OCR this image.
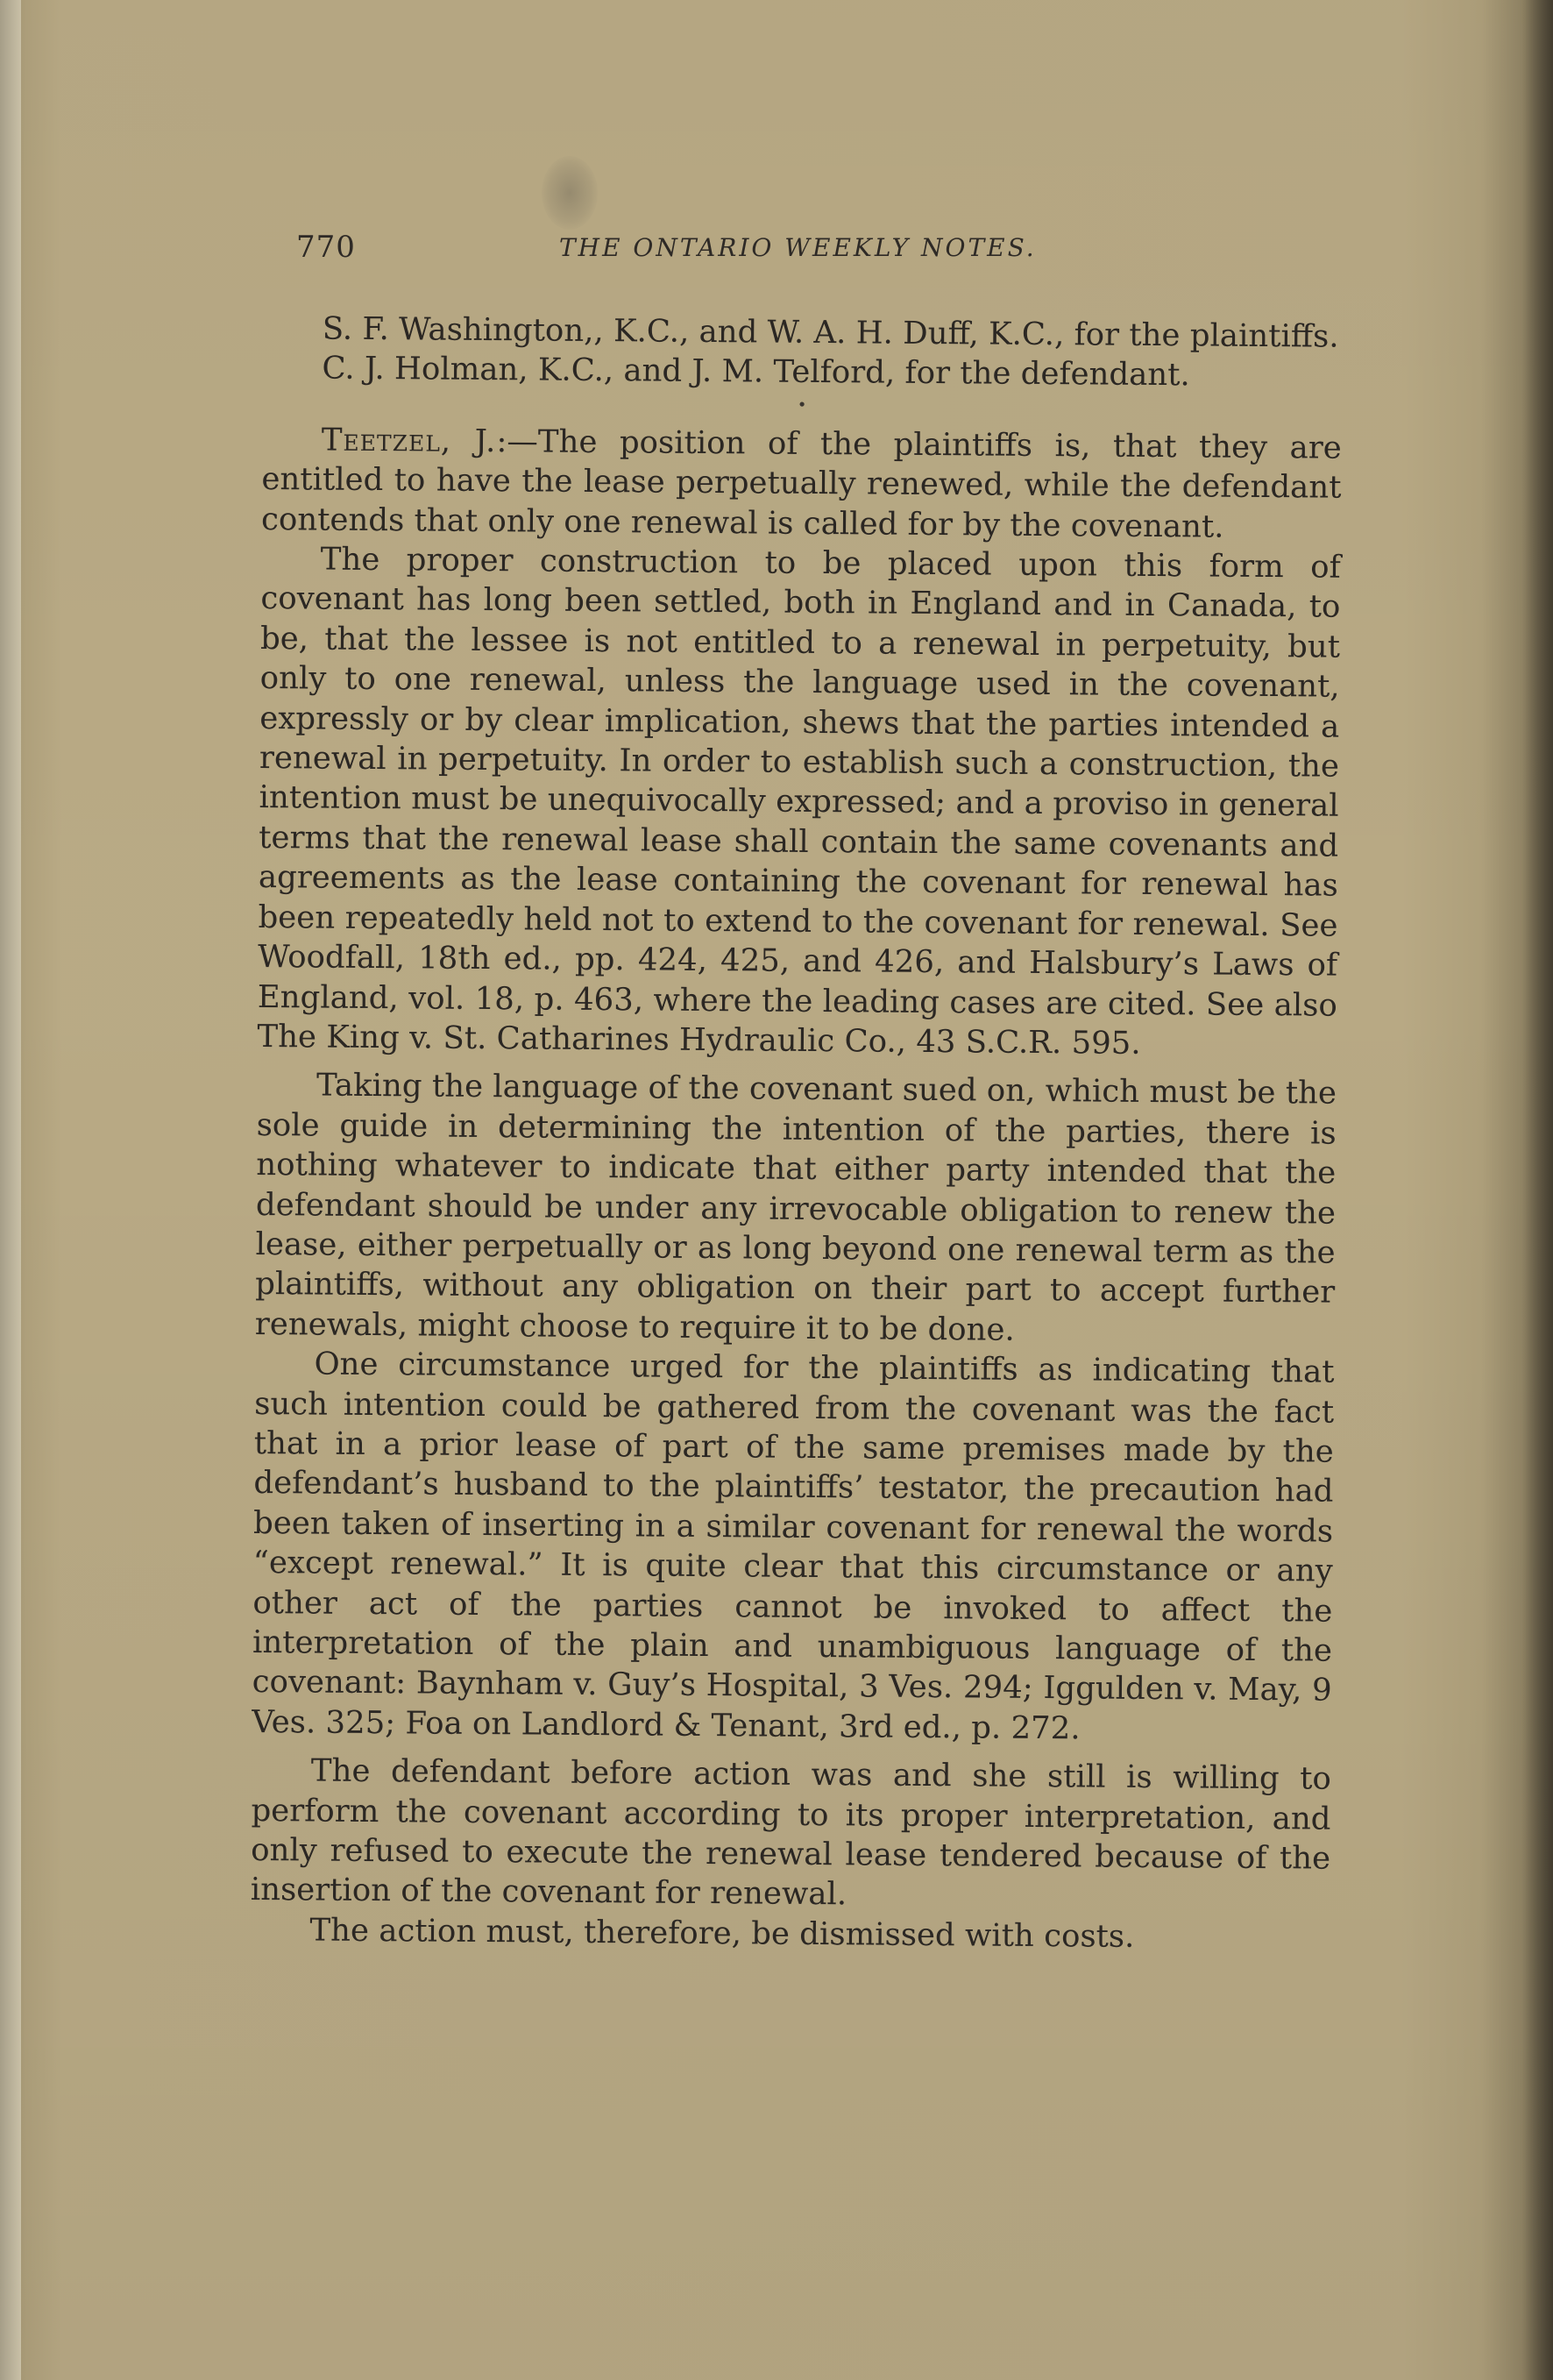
770	THE ONTARIO WEEKLY NOTES.

S. F. Washington,, K.C., and W. A. H. Duff, K.C., for the plaintiffs.

C. J. Holman, K.C., and J. M. Telford, for the defendant.

•

Teetzel, J.:—The position of the plaintiffs is, that they are entitled to have the lease perpetually renewed, while the defendant contends that only one renewal is called for by the covenant.

The proper construction to be placed upon this form of covenant has long been settled, both in England and in Canada, to be, that the lessee is not entitled to a renewal in perpetuity, but only to one renewal, unless the language used in the covenant, expressly or by clear implication, shews that the parties intended a renewal in perpetuity. In order to establish such a construction, the intention must be unequivocally expressed; and a proviso in general terms that the renewal lease shall contain the same covenants and agreements as the lease containing the covenant for renewal has been repeatedly held not to extend to the covenant for renewal. See Woodfall, 18th ed., pp. 424, 425, and 426, and Halsbury’s Laws of England, vol. 18, p. 463, where the leading cases are cited. See also The King v. St. Catharines Hydraulic Co., 43 S.C.R. 595.

Taking the language of the covenant sued on, which must be the sole guide in determining the intention of the parties, there is nothing whatever to indicate that either party intended that the defendant should be under any irrevocable obligation to renew the lease, either perpetually or as long beyond one renewal term as the plaintiffs, without any obligation on their part to accept further renewals, might choose to require it to be done.

One circumstance urged for the plaintiffs as indicating that such intention could be gathered from the covenant was the fact that in a prior lease of part of the same premises made by the defendant’s husband to the plaintiffs’ testator, the precaution had been taken of inserting in a similar covenant for renewal the words “except renewal.” It is quite clear that this circumstance or any other act of the parties cannot be invoked to affect the interpretation of the plain and unambiguous language of the covenant: Baynham v. Guy’s Hospital, 3 Ves. 294; Iggulden v. May, 9 Ves. 325; Foa on Landlord & Tenant, 3rd ed., p. 272.

The defendant before action was and she still is willing to perform the covenant according to its proper interpretation, and only refused to execute the renewal lease tendered because of the insertion of the covenant for renewal.

The action must, therefore, be dismissed with costs.
